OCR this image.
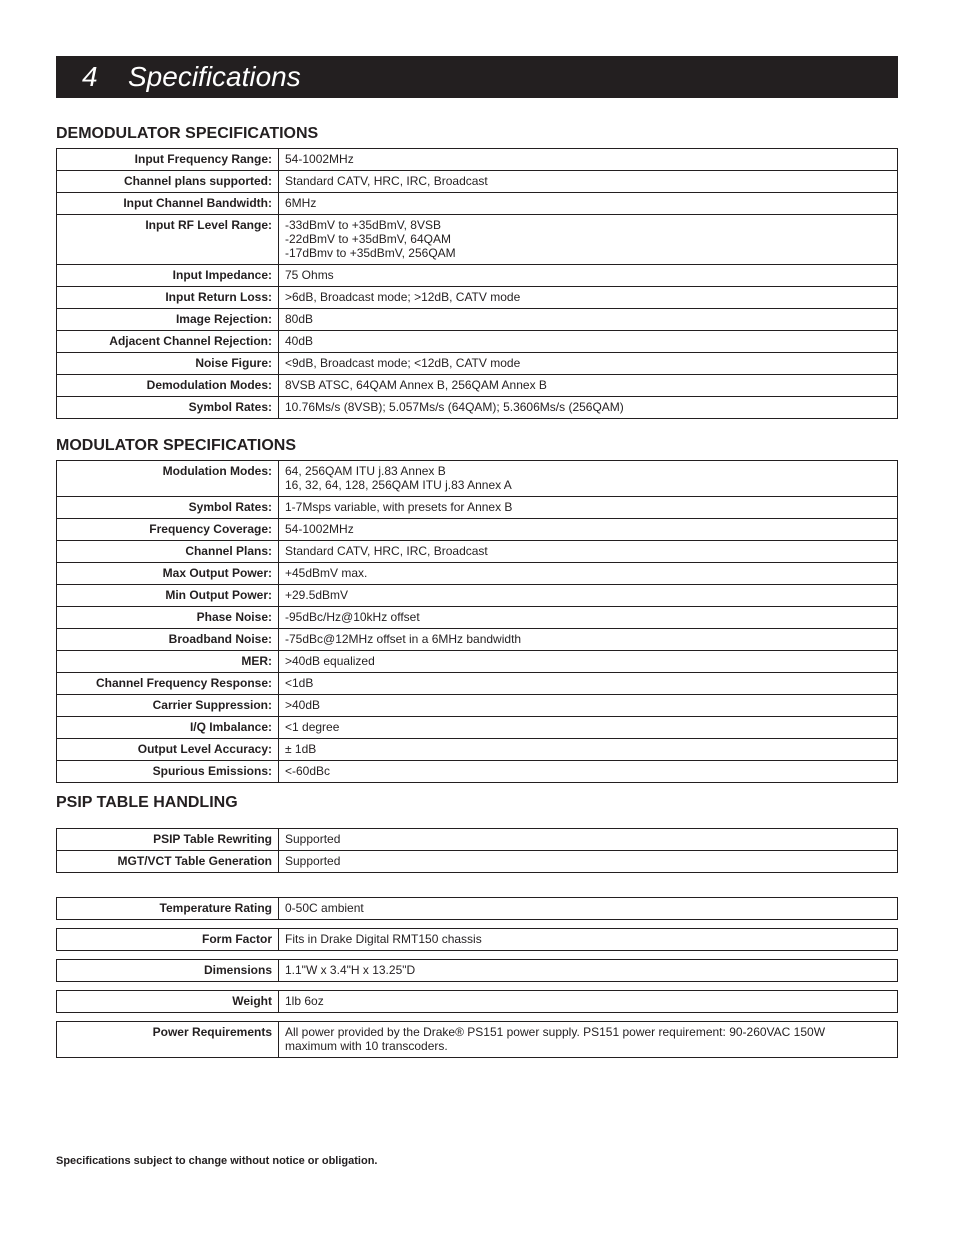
4 Specifications
DEMODULATOR SPECIFICATIONS
Input Frequency Range:	54-1002MHz

Channel plans supported:	Standard CATV, HRC, IRC, Broadcast

Input Channel Bandwidth:	6MHz

Input RF Level Range:	-33dBmV to +35dBmV, 8VSB
-22dBmV to +35dBmV, 64QAM
-17dBmv to +35dBmV, 256QAM

Input Impedance:	75 Ohms

Input Return Loss:	>6dB, Broadcast mode; >12dB, CATV mode

Image Rejection:	80dB

Adjacent Channel Rejection:	40dB

Noise Figure:	<9dB, Broadcast mode; <12dB, CATV mode

Demodulation Modes:	8VSB ATSC, 64QAM Annex B, 256QAM Annex B

Symbol Rates:	10.76Ms/s (8VSB); 5.057Ms/s (64QAM); 5.3606Ms/s (256QAM)
MODULATOR SPECIFICATIONS
Modulation Modes:	64, 256QAM ITU j.83 Annex B
16, 32, 64, 128, 256QAM ITU j.83 Annex A

Symbol Rates:	1-7Msps variable, with presets for Annex B

Frequency Coverage:	54-1002MHz

Channel Plans:	Standard CATV, HRC, IRC, Broadcast

Max Output Power:	+45dBmV max.

Min Output Power:	+29.5dBmV

Phase Noise:	-95dBc/Hz@10kHz offset

Broadband Noise:	-75dBc@12MHz offset in a 6MHz bandwidth

MER:	>40dB equalized

Channel Frequency Response:	<1dB

Carrier Suppression:	>40dB

I/Q Imbalance:	<1 degree

Output Level Accuracy:	± 1dB

Spurious Emissions:	<-60dBc
PSIP TABLE HANDLING
PSIP Table Rewriting	Supported

MGT/VCT Table Generation	Supported
Temperature Rating	0-50C ambient
Form Factor	Fits in Drake Digital RMT150 chassis
Dimensions	1.1"W x 3.4"H x 13.25"D
Weight	1lb 6oz
Power Requirements	All power provided by the Drake® PS151 power supply. PS151 power requirement: 90-260VAC 150W
maximum with 10 transcoders.
Specifications subject to change without notice or obligation.
